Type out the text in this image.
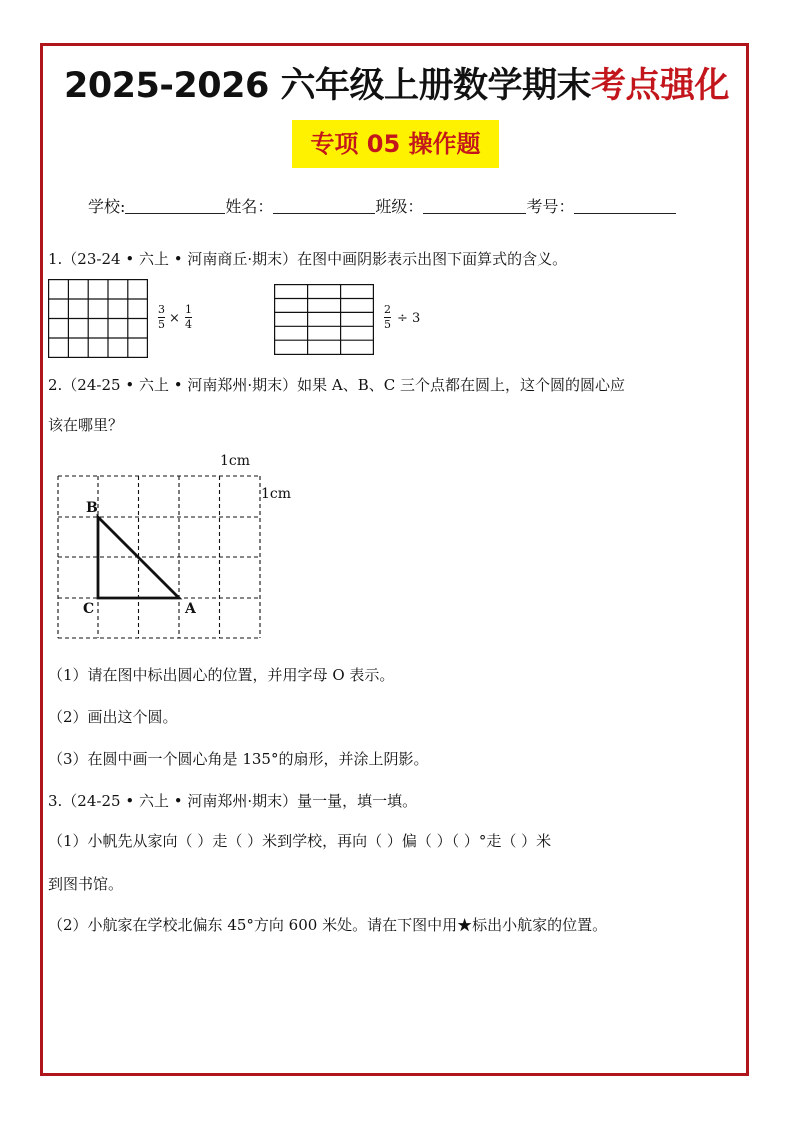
2025-2026 六年级上册数学期末考点强化
专项 05 操作题
学校:	姓名：	班级：	考号：
1.（23-24 • 六上 • 河南商丘·期末）在图中画阴影表示出图下面算式的含义。
3
5 ×
1
4
2
5 ÷ 3
2.（24-25 • 六上 • 河南郑州·期末）如果 A、B、C 三个点都在圆上，这个圆的圆心应
该在哪里？
1cm
1cm
B
C	A
（1）请在图中标出圆心的位置，并用字母 O 表示。
（2）画出这个圆。
（3）在圆中画一个圆心角是 135°的扇形，并涂上阴影。
3.（24-25 • 六上 • 河南郑州·期末）量一量，填一填。
（1）小帆先从家向（ ）走（ ）米到学校，再向（ ）偏（ ）（ ）°走（ ）米
到图书馆。
（2）小航家在学校北偏东 45°方向 600 米处。请在下图中用★标出小航家的位置。
